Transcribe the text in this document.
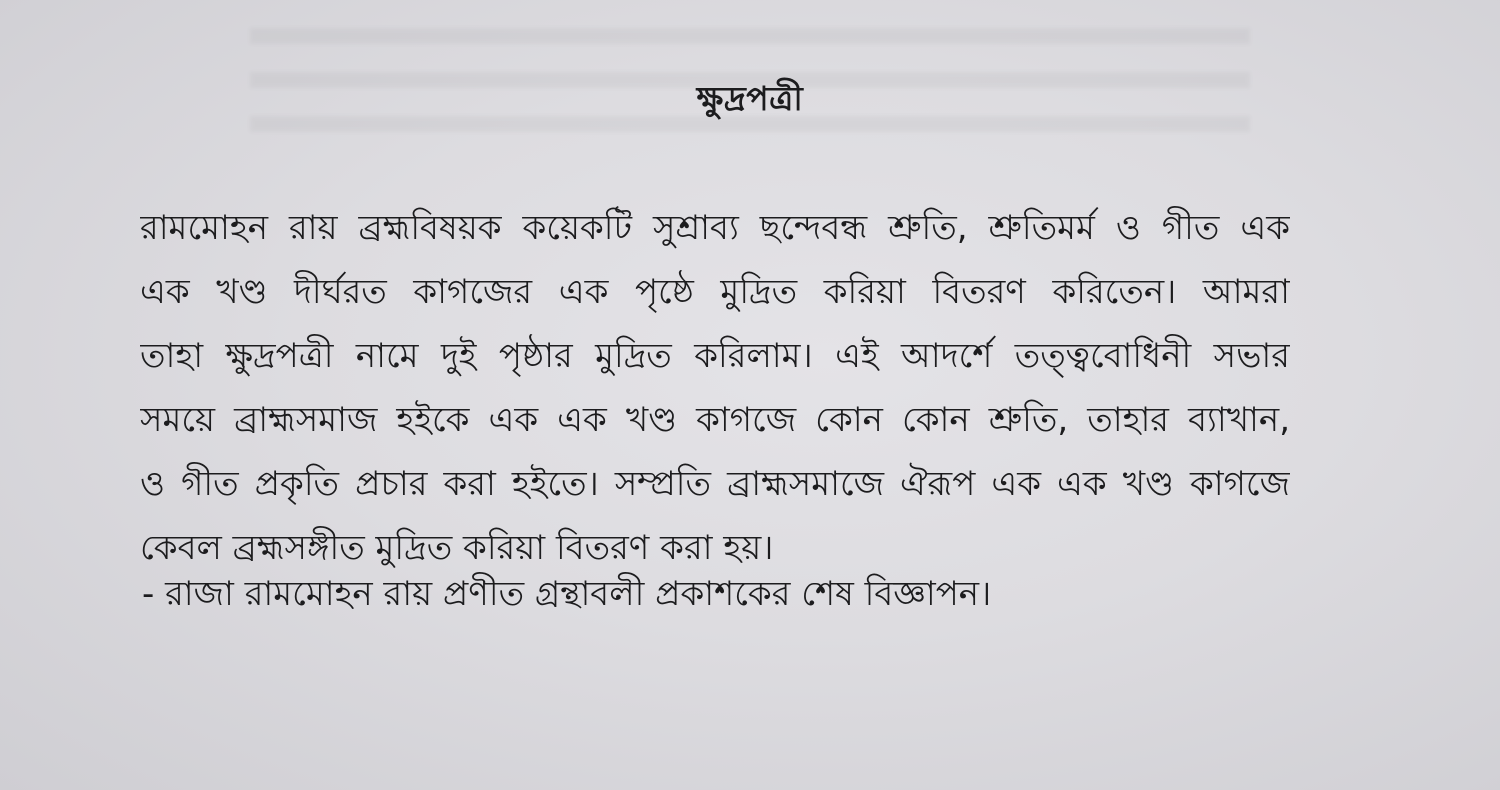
ক্ষুদ্রপত্রী
রামমোহন রায় ব্রহ্মবিষয়ক কয়েকটি সুশ্রাব্য ছন্দেবন্ধ শ্রুতি, শ্রুতিমর্ম ও গীত এক
এক খণ্ড দীর্ঘরত কাগজের এক পৃষ্ঠে মুদ্রিত করিয়া বিতরণ করিতেন। আমরা
তাহা ক্ষুদ্রপত্রী নামে দুই পৃষ্ঠার মুদ্রিত করিলাম। এই আদর্শে তত্ত্ববোধিনী সভার
সময়ে ব্রাহ্মসমাজ হইকে এক এক খণ্ড কাগজে কোন কোন শ্রুতি, তাহার ব্যাখান,
ও গীত প্রকৃতি প্রচার করা হইতে। সম্প্রতি ব্রাহ্মসমাজে ঐরূপ এক এক খণ্ড কাগজে
কেবল ব্রহ্মসঙ্গীত মুদ্রিত করিয়া বিতরণ করা হয়।
- রাজা রামমোহন রায় প্রণীত গ্রন্থাবলী প্রকাশকের শেষ বিজ্ঞাপন।
